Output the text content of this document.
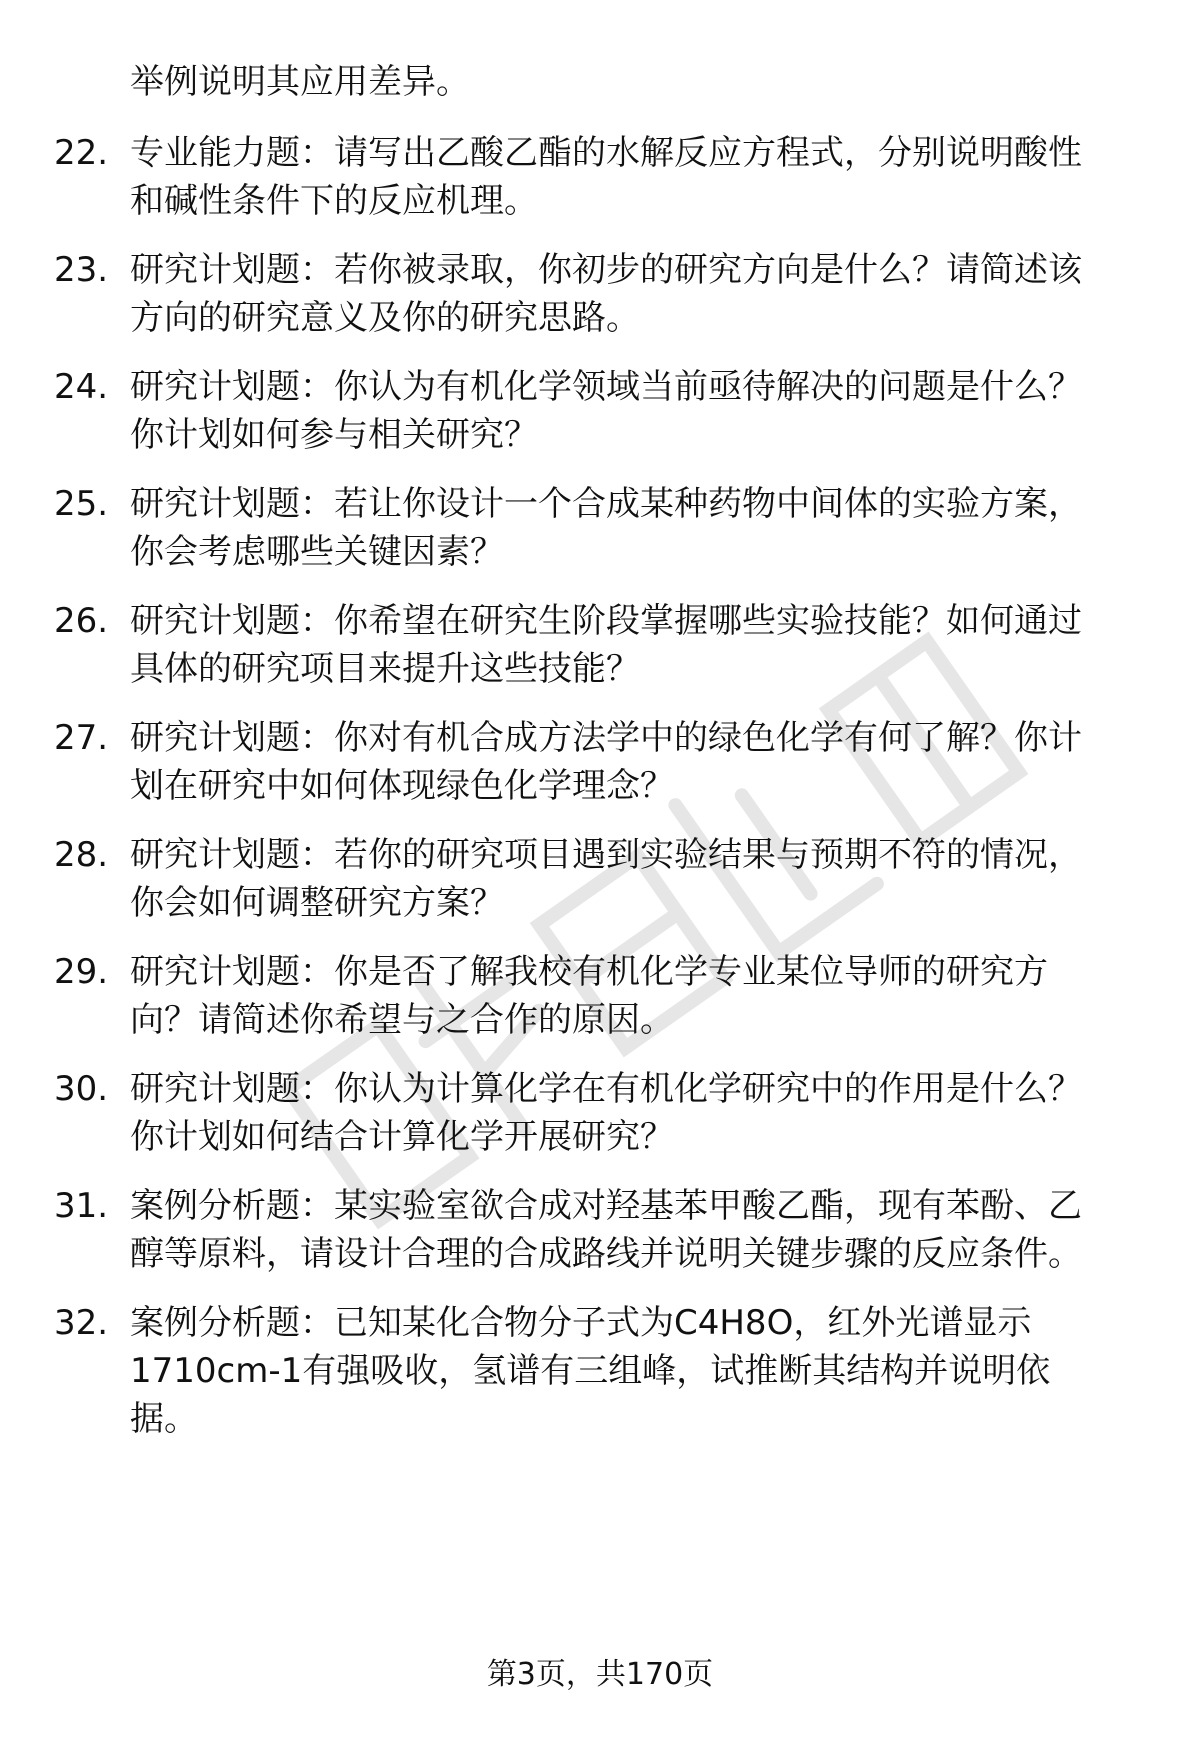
举例说明其应用差异。
22. 专业能力题：请写出乙酸乙酯的水解反应方程式，分别说明酸性
和碱性条件下的反应机理。
23. 研究计划题：若你被录取，你初步的研究方向是什么？请简述该
方向的研究意义及你的研究思路。
24. 研究计划题：你认为有机化学领域当前亟待解决的问题是什么？
你计划如何参与相关研究？
25. 研究计划题：若让你设计一个合成某种药物中间体的实验方案，
你会考虑哪些关键因素？
26. 研究计划题：你希望在研究生阶段掌握哪些实验技能？如何通过
具体的研究项目来提升这些技能？
27. 研究计划题：你对有机合成方法学中的绿色化学有何了解？你计
划在研究中如何体现绿色化学理念？
28. 研究计划题：若你的研究项目遇到实验结果与预期不符的情况，
你会如何调整研究方案？
29. 研究计划题：你是否了解我校有机化学专业某位导师的研究方
向？请简述你希望与之合作的原因。
30. 研究计划题：你认为计算化学在有机化学研究中的作用是什么？
你计划如何结合计算化学开展研究？
31. 案例分析题：某实验室欲合成对羟基苯甲酸乙酯，现有苯酚、乙
醇等原料，请设计合理的合成路线并说明关键步骤的反应条件。
32. 案例分析题：已知某化合物分子式为C4H8O，红外光谱显示
1710cm-1有强吸收，氢谱有三组峰，试推断其结构并说明依
据。
第3页，共170页
